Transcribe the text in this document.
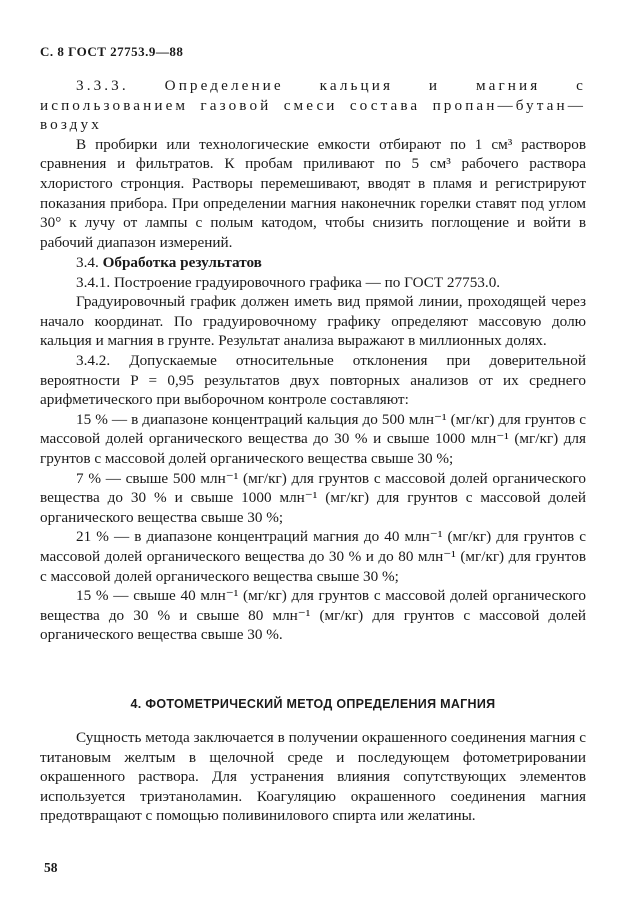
С. 8 ГОСТ 27753.9—88

3.3.3. Определение кальция и магния с использованием газовой смеси состава пропан—бутан—воздух

В пробирки или технологические емкости отбирают по 1 см³ растворов сравнения и фильтратов. К пробам приливают по 5 см³ рабочего раствора хлористого стронция. Растворы перемешивают, вводят в пламя и регистрируют показания прибора. При определении магния наконечник горелки ставят под углом 30° к лучу от лампы с полым катодом, чтобы снизить поглощение и войти в рабочий диапазон измерений.

3.4. Обработка результатов

3.4.1. Построение градуировочного графика — по ГОСТ 27753.0.

Градуировочный график должен иметь вид прямой линии, проходящей через начало координат. По градуировочному графику определяют массовую долю кальция и магния в грунте. Результат анализа выражают в миллионных долях.

3.4.2. Допускаемые относительные отклонения при доверительной вероятности P = 0,95 результатов двух повторных анализов от их среднего арифметического при выборочном контроле составляют:

15 % — в диапазоне концентраций кальция до 500 млн⁻¹ (мг/кг) для грунтов с массовой долей органического вещества до 30 % и свыше 1000 млн⁻¹ (мг/кг) для грунтов с массовой долей органического вещества свыше 30 %;

7 % — свыше 500 млн⁻¹ (мг/кг) для грунтов с массовой долей органического вещества до 30 % и свыше 1000 млн⁻¹ (мг/кг) для грунтов с массовой долей органического вещества свыше 30 %;

21 % — в диапазоне концентраций магния до 40 млн⁻¹ (мг/кг) для грунтов с массовой долей органического вещества до 30 % и до 80 млн⁻¹ (мг/кг) для грунтов с массовой долей органического вещества свыше 30 %;

15 % — свыше 40 млн⁻¹ (мг/кг) для грунтов с массовой долей органического вещества до 30 % и свыше 80 млн⁻¹ (мг/кг) для грунтов с массовой долей органического вещества свыше 30 %.

4. ФОТОМЕТРИЧЕСКИЙ МЕТОД ОПРЕДЕЛЕНИЯ МАГНИЯ

Сущность метода заключается в получении окрашенного соединения магния с титановым желтым в щелочной среде и последующем фотометрировании окрашенного раствора. Для устранения влияния сопутствующих элементов используется триэтаноламин. Коагуляцию окрашенного соединения магния предотвращают с помощью поливинилового спирта или желатины.

58
